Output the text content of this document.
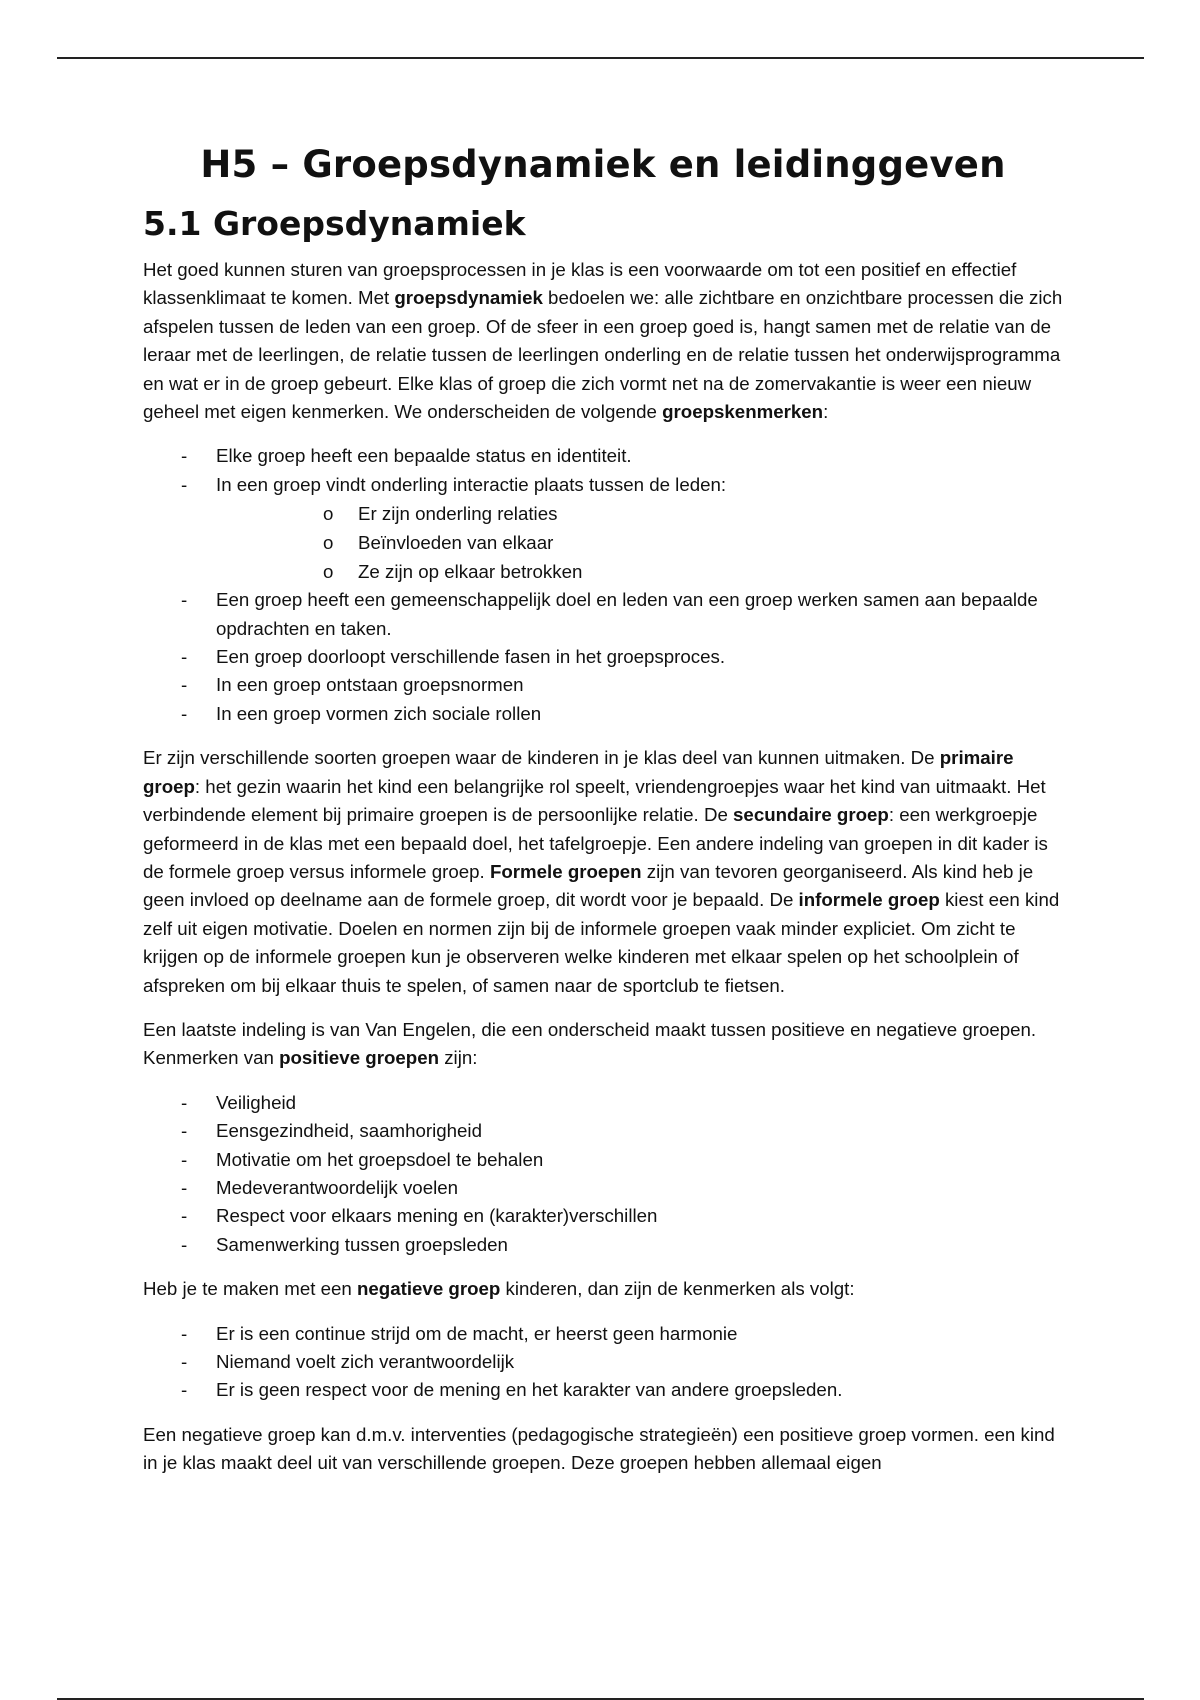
H5 – Groepsdynamiek en leidinggeven
5.1 Groepsdynamiek

Het goed kunnen sturen van groepsprocessen in je klas is een voorwaarde om tot een positief en effectief klassenklimaat te komen. Met groepsdynamiek bedoelen we: alle zichtbare en onzichtbare processen die zich afspelen tussen de leden van een groep. Of de sfeer in een groep goed is, hangt samen met de relatie van de leraar met de leerlingen, de relatie tussen de leerlingen onderling en de relatie tussen het onderwijsprogramma en wat er in de groep gebeurt. Elke klas of groep die zich vormt net na de zomervakantie is weer een nieuw geheel met eigen kenmerken. We onderscheiden de volgende groepskenmerken:

- Elke groep heeft een bepaalde status en identiteit.
- In een groep vindt onderling interactie plaats tussen de leden:
o Er zijn onderling relaties
o Beïnvloeden van elkaar
o Ze zijn op elkaar betrokken
- Een groep heeft een gemeenschappelijk doel en leden van een groep werken samen aan bepaalde opdrachten en taken.
- Een groep doorloopt verschillende fasen in het groepsproces.
- In een groep ontstaan groepsnormen
- In een groep vormen zich sociale rollen

Er zijn verschillende soorten groepen waar de kinderen in je klas deel van kunnen uitmaken. De primaire groep: het gezin waarin het kind een belangrijke rol speelt, vriendengroepjes waar het kind van uitmaakt. Het verbindende element bij primaire groepen is de persoonlijke relatie. De secundaire groep: een werkgroepje geformeerd in de klas met een bepaald doel, het tafelgroepje. Een andere indeling van groepen in dit kader is de formele groep versus informele groep. Formele groepen zijn van tevoren georganiseerd. Als kind heb je geen invloed op deelname aan de formele groep, dit wordt voor je bepaald. De informele groep kiest een kind zelf uit eigen motivatie. Doelen en normen zijn bij de informele groepen vaak minder expliciet. Om zicht te krijgen op de informele groepen kun je observeren welke kinderen met elkaar spelen op het schoolplein of afspreken om bij elkaar thuis te spelen, of samen naar de sportclub te fietsen.

Een laatste indeling is van Van Engelen, die een onderscheid maakt tussen positieve en negatieve groepen. Kenmerken van positieve groepen zijn:

- Veiligheid
- Eensgezindheid, saamhorigheid
- Motivatie om het groepsdoel te behalen
- Medeverantwoordelijk voelen
- Respect voor elkaars mening en (karakter)verschillen
- Samenwerking tussen groepsleden

Heb je te maken met een negatieve groep kinderen, dan zijn de kenmerken als volgt:

- Er is een continue strijd om de macht, er heerst geen harmonie
- Niemand voelt zich verantwoordelijk
- Er is geen respect voor de mening en het karakter van andere groepsleden.

Een negatieve groep kan d.m.v. interventies (pedagogische strategieën) een positieve groep vormen. een kind in je klas maakt deel uit van verschillende groepen. Deze groepen hebben allemaal eigen
